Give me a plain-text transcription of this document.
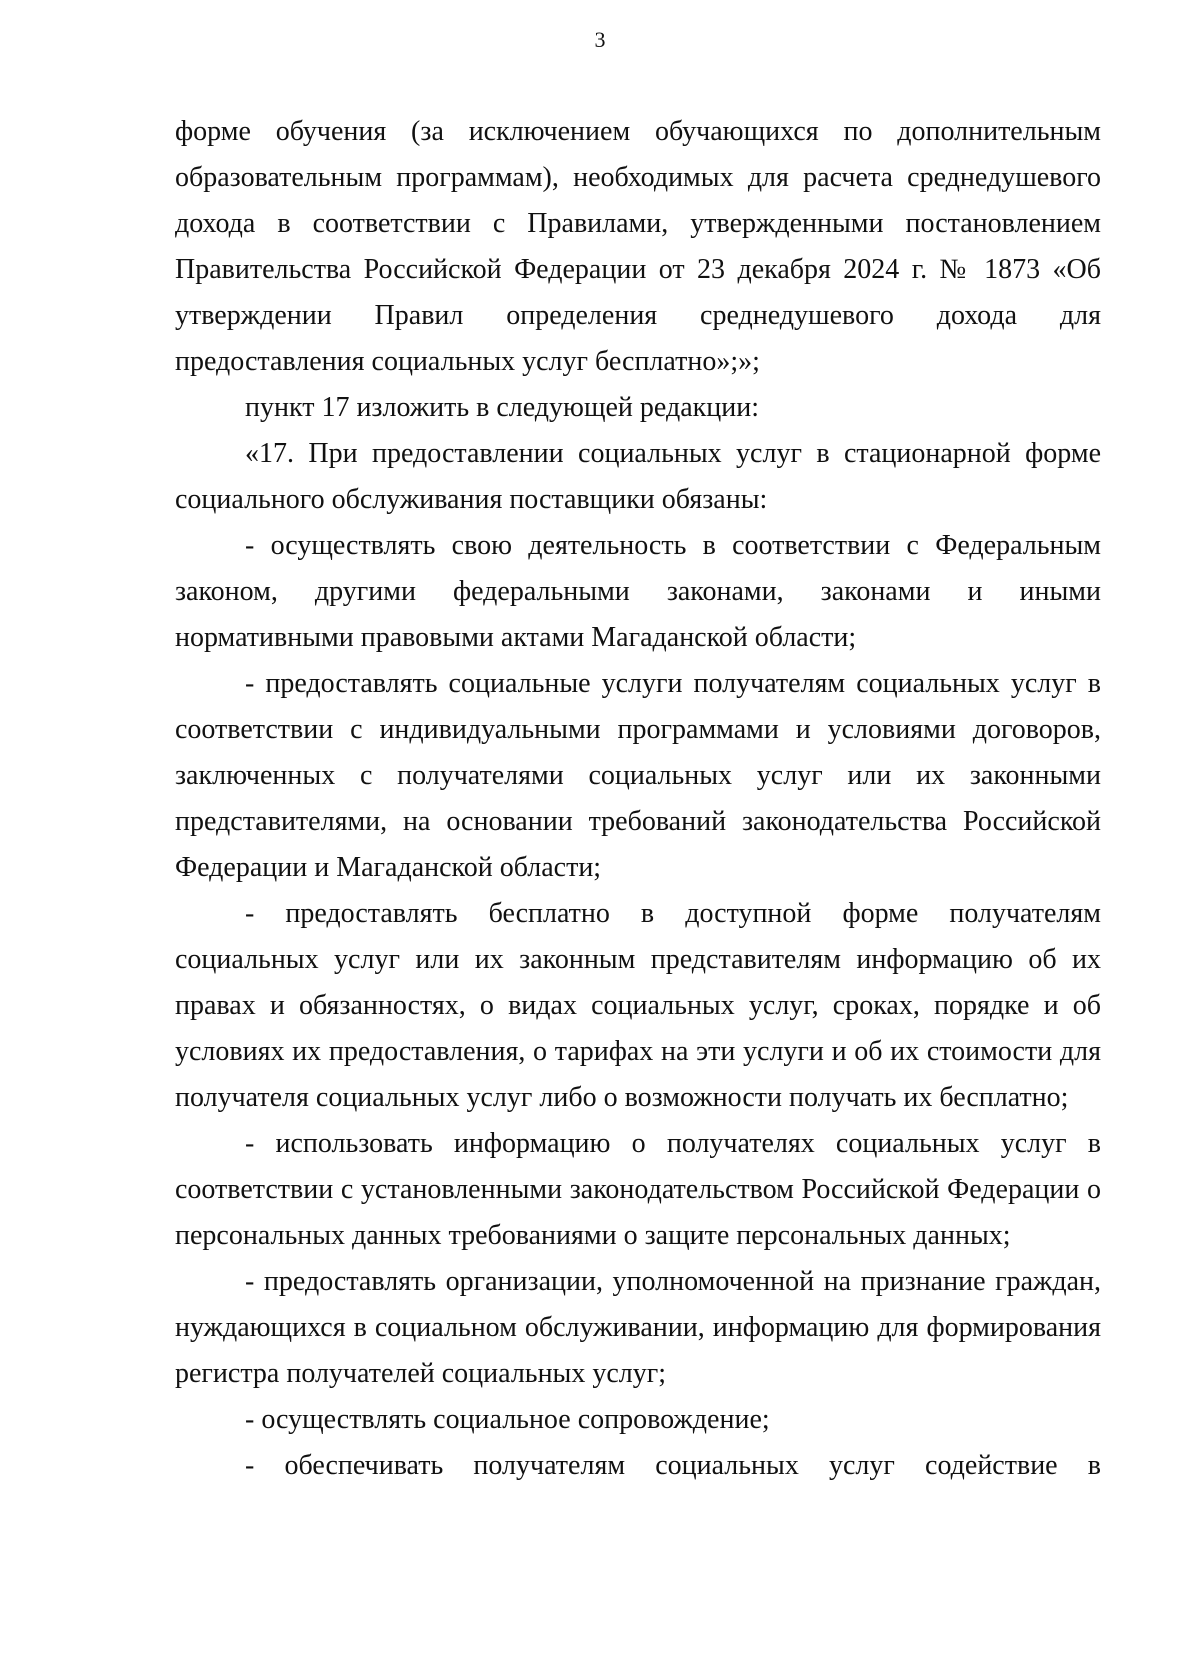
3

форме обучения (за исключением обучающихся по дополнительным образовательным программам), необходимых для расчета среднедушевого дохода в соответствии с Правилами, утвержденными постановлением Правительства Российской Федерации от 23 декабря 2024 г. № 1873 «Об утверждении Правил определения среднедушевого дохода для предоставления социальных услуг бесплатно»;»;

пункт 17 изложить в следующей редакции:

«17. При предоставлении социальных услуг в стационарной форме социального обслуживания поставщики обязаны:

- осуществлять свою деятельность в соответствии с Федеральным законом, другими федеральными законами, законами и иными нормативными правовыми актами Магаданской области;

- предоставлять социальные услуги получателям социальных услуг в соответствии с индивидуальными программами и условиями договоров, заключенных с получателями социальных услуг или их законными представителями, на основании требований законодательства Российской Федерации и Магаданской области;

- предоставлять бесплатно в доступной форме получателям социальных услуг или их законным представителям информацию об их правах и обязанностях, о видах социальных услуг, сроках, порядке и об условиях их предоставления, о тарифах на эти услуги и об их стоимости для получателя социальных услуг либо о возможности получать их бесплатно;

- использовать информацию о получателях социальных услуг в соответствии с установленными законодательством Российской Федерации о персональных данных требованиями о защите персональных данных;

- предоставлять организации, уполномоченной на признание граждан, нуждающихся в социальном обслуживании, информацию для формирования регистра получателей социальных услуг;

- осуществлять социальное сопровождение;

- обеспечивать получателям социальных услуг содействие в
